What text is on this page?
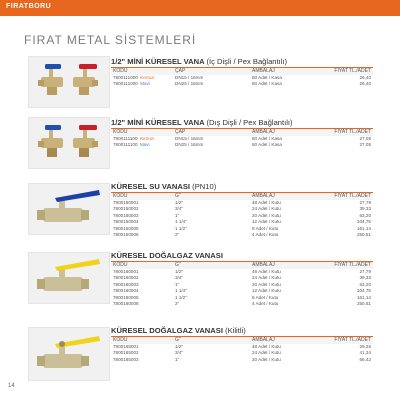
FIRATBORU
FIRAT METAL SİSTEMLERİ
1/2" MİNİ KÜRESEL VANA (İç Dişli / Pex Bağlantılı)
KODU	ÇAP	AMBALAJ	FİYAT TL./ADET
7800111000 Kırmızı	DN15 / 16mm	60 Adet / Kasa	26,40
7800111000 Mavi	DN25 / 16mm	60 Adet / Kasa	26,40
1/2" MİNİ KÜRESEL VANA (Dış Dişli / Pex Bağlantılı)
KODU	ÇAP	AMBALAJ	FİYAT TL./ADET
7800111100 Kırmızı	DN15 / 16mm	60 Adet / Kasa	27,05
7800111100 Mavi	DN25 / 16mm	60 Adet / Kasa	27,05
KÜRESEL SU VANASI (PN10)
KODU	G"	AMBALAJ	FİYAT TL./ADET
7800150001	1/2"	48 Adet / Kutu	27,79
7800150002	3/4"	24 Adet / Kutu	39,33
7800150003	1"	20 Adet / Kutu	63,20
7800150004	1 1/4"	12 Adet / Kutu	104,76
7800150005	1 1/2"	8 Adet / Kutu	161,14
7800150006	2"	4 Adet / Kutu	250,51
KÜRESEL DOĞALGAZ VANASI
KODU	G"	AMBALAJ	FİYAT TL./ADET
7800160001	1/2"	48 Adet / Kutu	27,79
7800160002	3/4"	24 Adet / Kutu	39,33
7800160003	1"	20 Adet / Kutu	63,20
7800160004	1 1/4"	12 Adet / Kutu	104,76
7800160005	1 1/2"	8 Adet / Kutu	161,14
7800160006	2"	4 Adet / Kutu	250,51
KÜRESEL DOĞALGAZ VANASI (Kilitli)
KODU	G"	AMBALAJ	FİYAT TL./ADET
7800165001	1/2"	48 Adet / Kutu	29,25
7800165002	3/4"	24 Adet / Kutu	41,34
7800165003	1"	20 Adet / Kutu	66,42
14
